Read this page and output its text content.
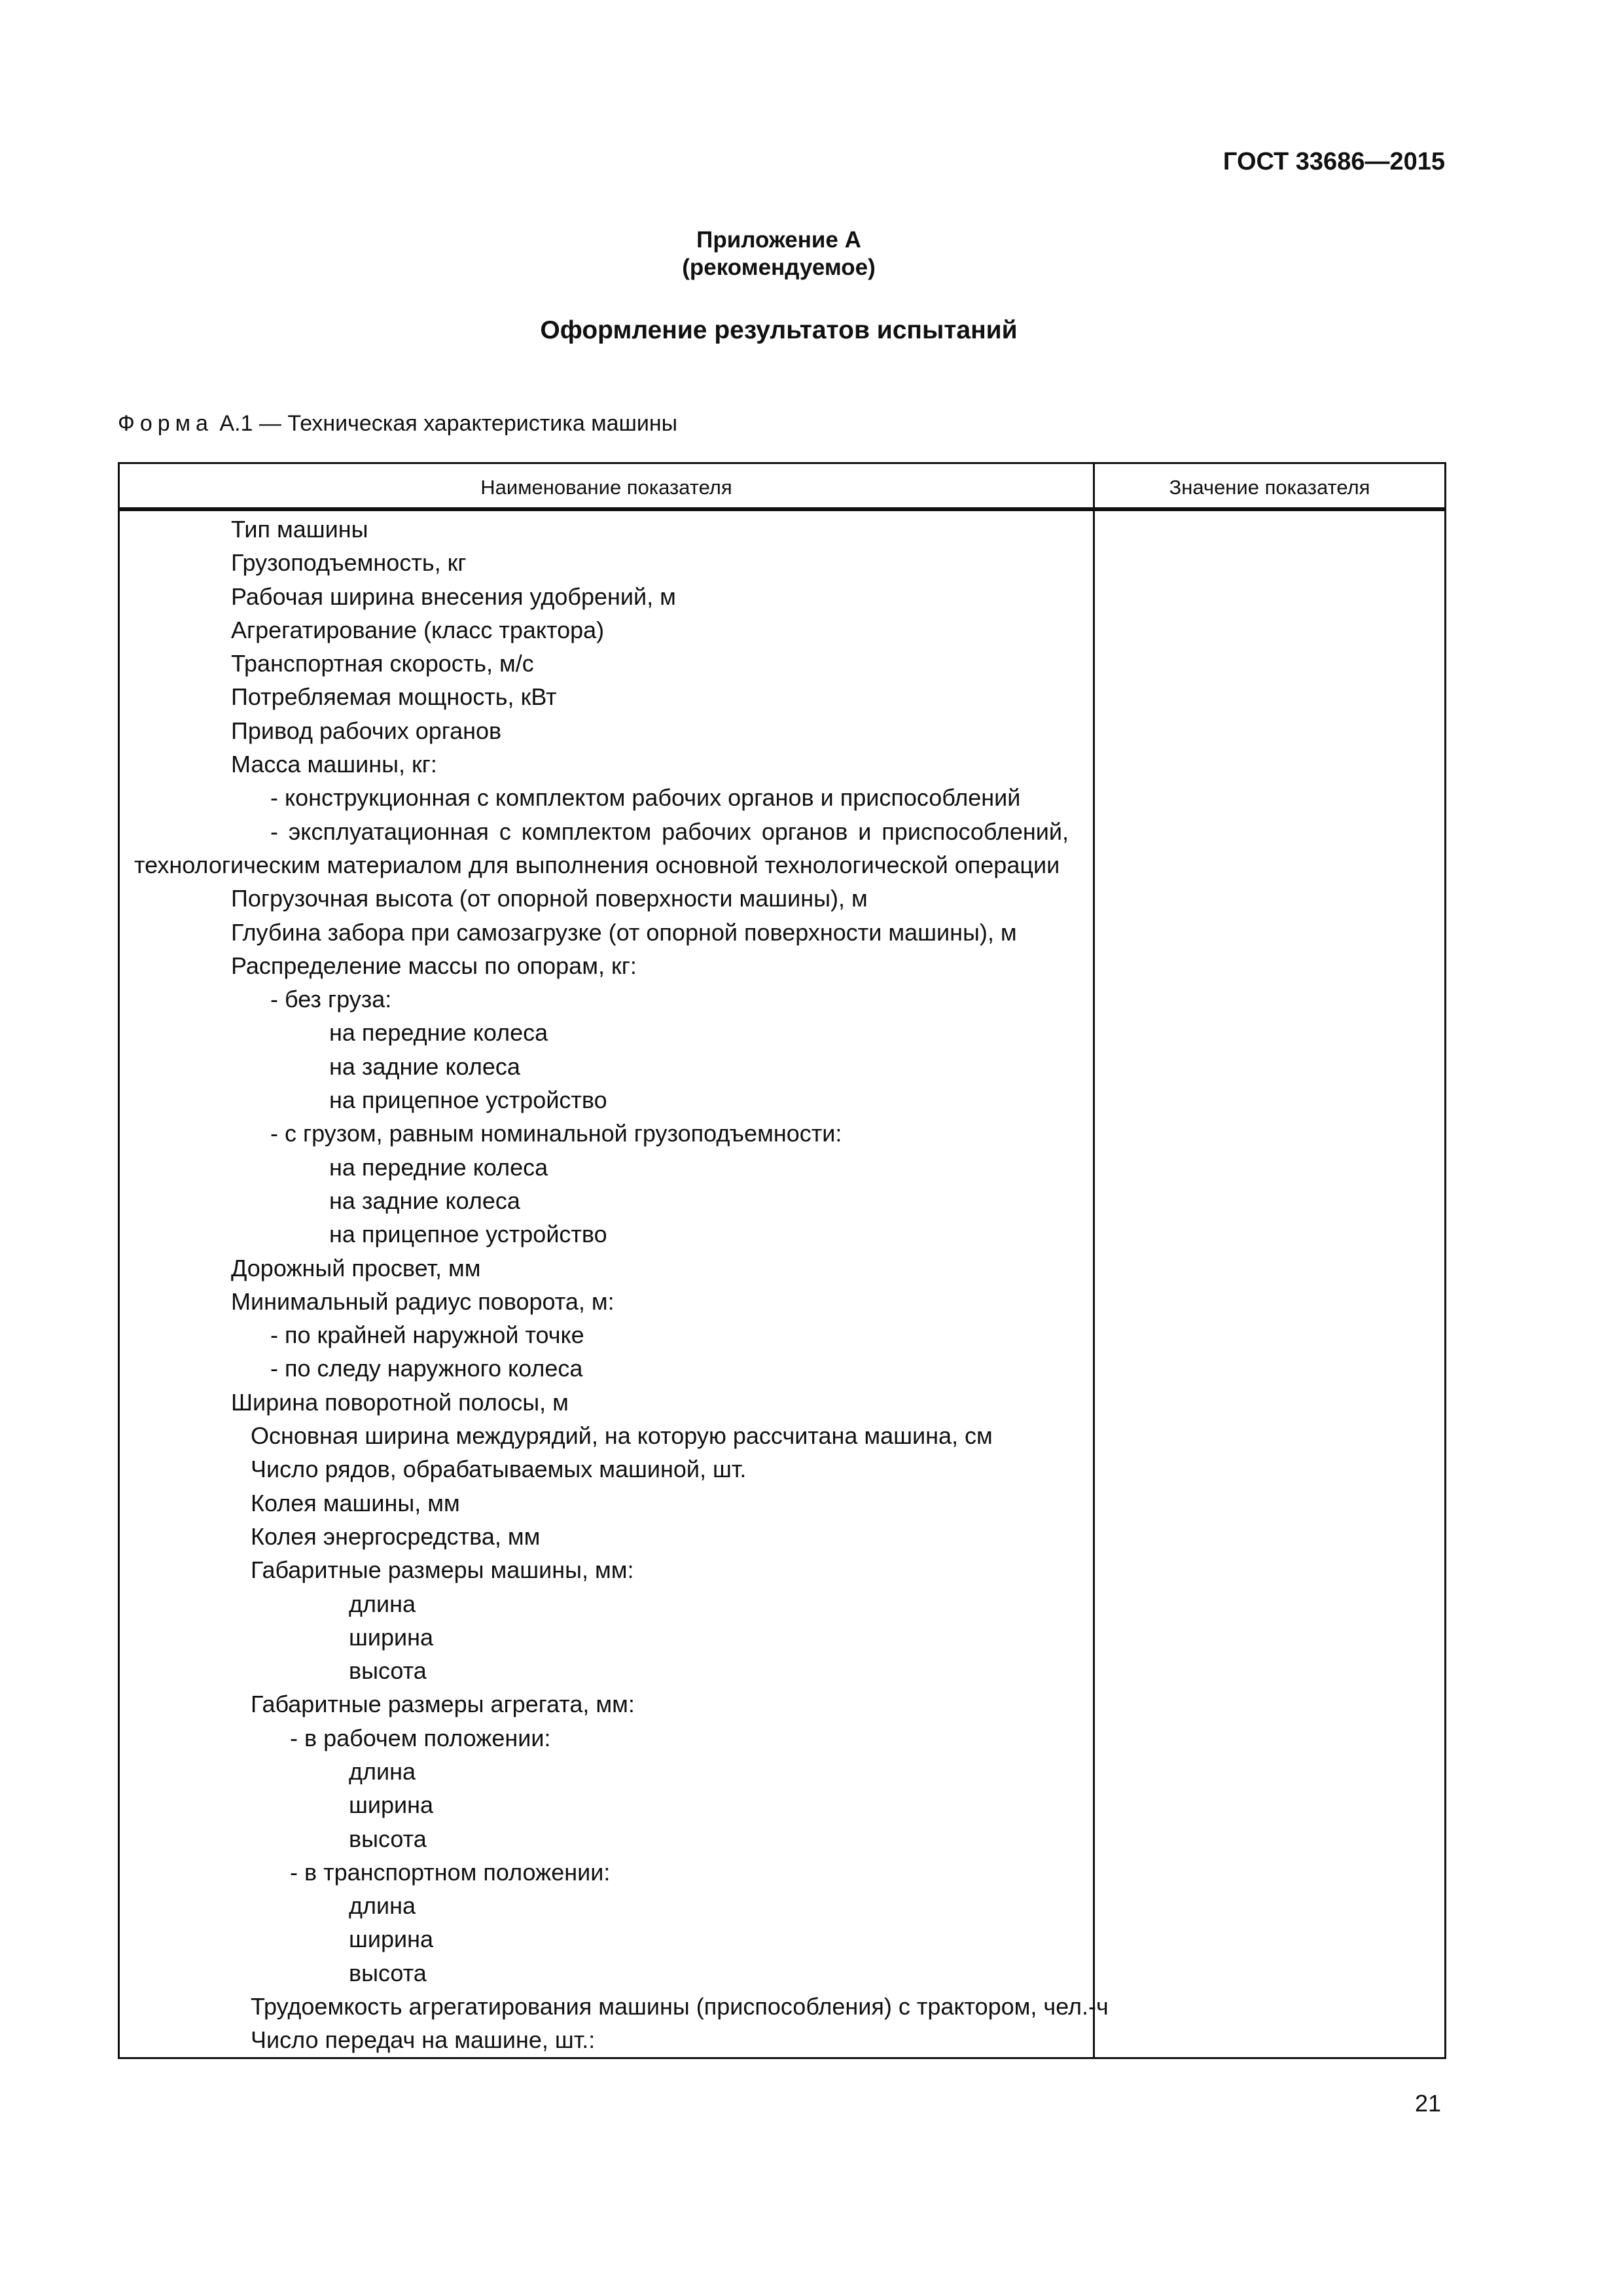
ГОСТ 33686—2015
Приложение А
(рекомендуемое)
Оформление результатов испытаний
Форма А.1 — Техническая характеристика машины
Наименование показателя	Значение показателя
Тип машины
Грузоподъемность, кг
Рабочая ширина внесения удобрений, м
Агрегатирование (класс трактора)
Транспортная скорость, м/с
Потребляемая мощность, кВт
Привод рабочих органов
Масса машины, кг:
- конструкционная с комплектом рабочих органов и приспособлений
- эксплуатационная с комплектом рабочих органов и приспособлений,
технологическим материалом для выполнения основной технологической операции
Погрузочная высота (от опорной поверхности машины), м
Глубина забора при самозагрузке (от опорной поверхности машины), м
Распределение массы по опорам, кг:
- без груза:
на передние колеса
на задние колеса
на прицепное устройство
- с грузом, равным номинальной грузоподъемности:
на передние колеса
на задние колеса
на прицепное устройство
Дорожный просвет, мм
Минимальный радиус поворота, м:
- по крайней наружной точке
- по следу наружного колеса
Ширина поворотной полосы, м
Основная ширина междурядий, на которую рассчитана машина, см
Число рядов, обрабатываемых машиной, шт.
Колея машины, мм
Колея энергосредства, мм
Габаритные размеры машины, мм:
длина
ширина
высота
Габаритные размеры агрегата, мм:
- в рабочем положении:
длина
ширина
высота
- в транспортном положении:
длина
ширина
высота
Трудоемкость агрегатирования машины (приспособления) с трактором, чел.-ч
Число передач на машине, шт.:
21
